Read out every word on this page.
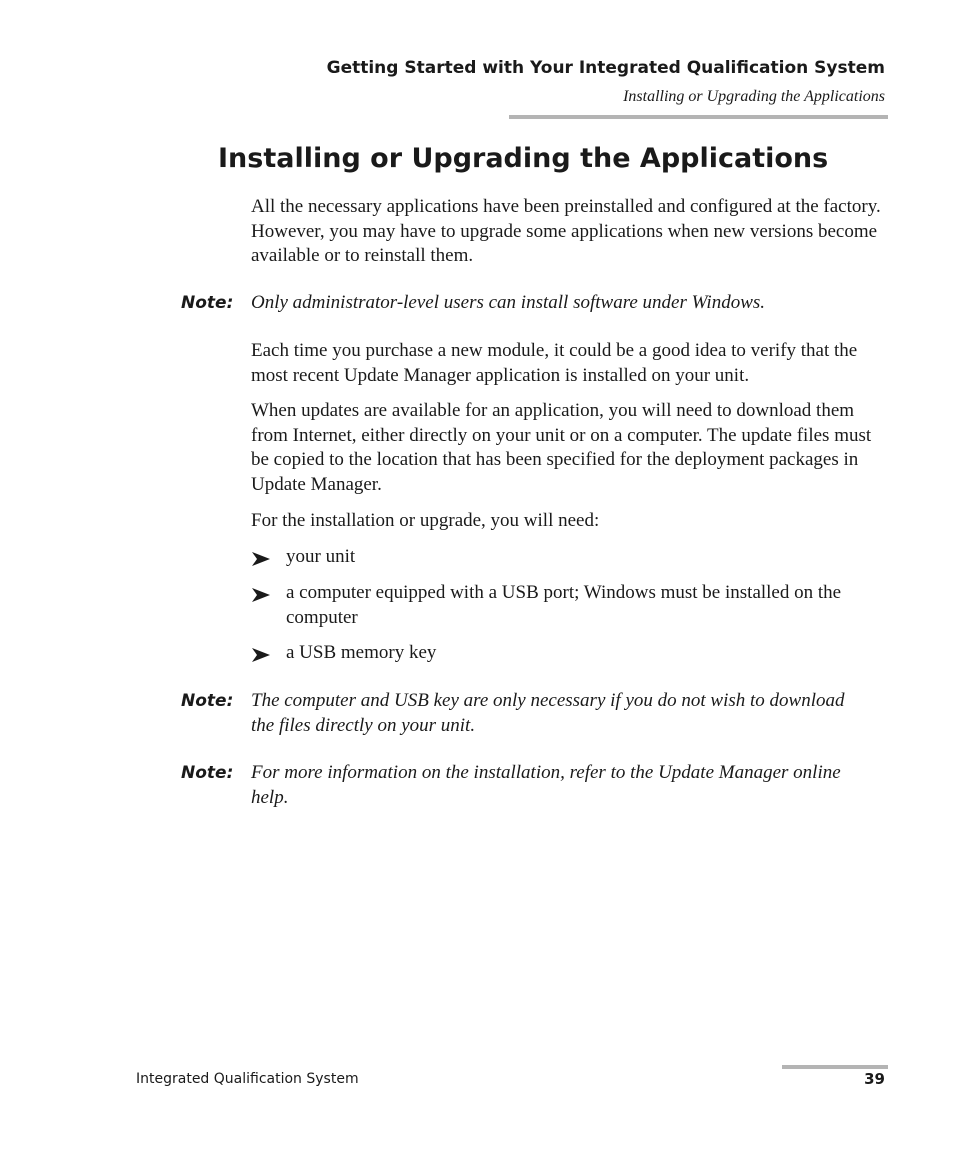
Getting Started with Your Integrated Qualification System
Installing or Upgrading the Applications
Installing or Upgrading the Applications

All the necessary applications have been preinstalled and configured at the factory. However, you may have to upgrade some applications when new versions become available or to reinstall them.

Note: Only administrator-level users can install software under Windows.

Each time you purchase a new module, it could be a good idea to verify that the most recent Update Manager application is installed on your unit.

When updates are available for an application, you will need to download them from Internet, either directly on your unit or on a computer. The update files must be copied to the location that has been specified for the deployment packages in Update Manager.

For the installation or upgrade, you will need:

your unit

a computer equipped with a USB port; Windows must be installed on the computer

a USB memory key

Note: The computer and USB key are only necessary if you do not wish to download the files directly on your unit.

Note: For more information on the installation, refer to the Update Manager online help.

Integrated Qualification System	39
